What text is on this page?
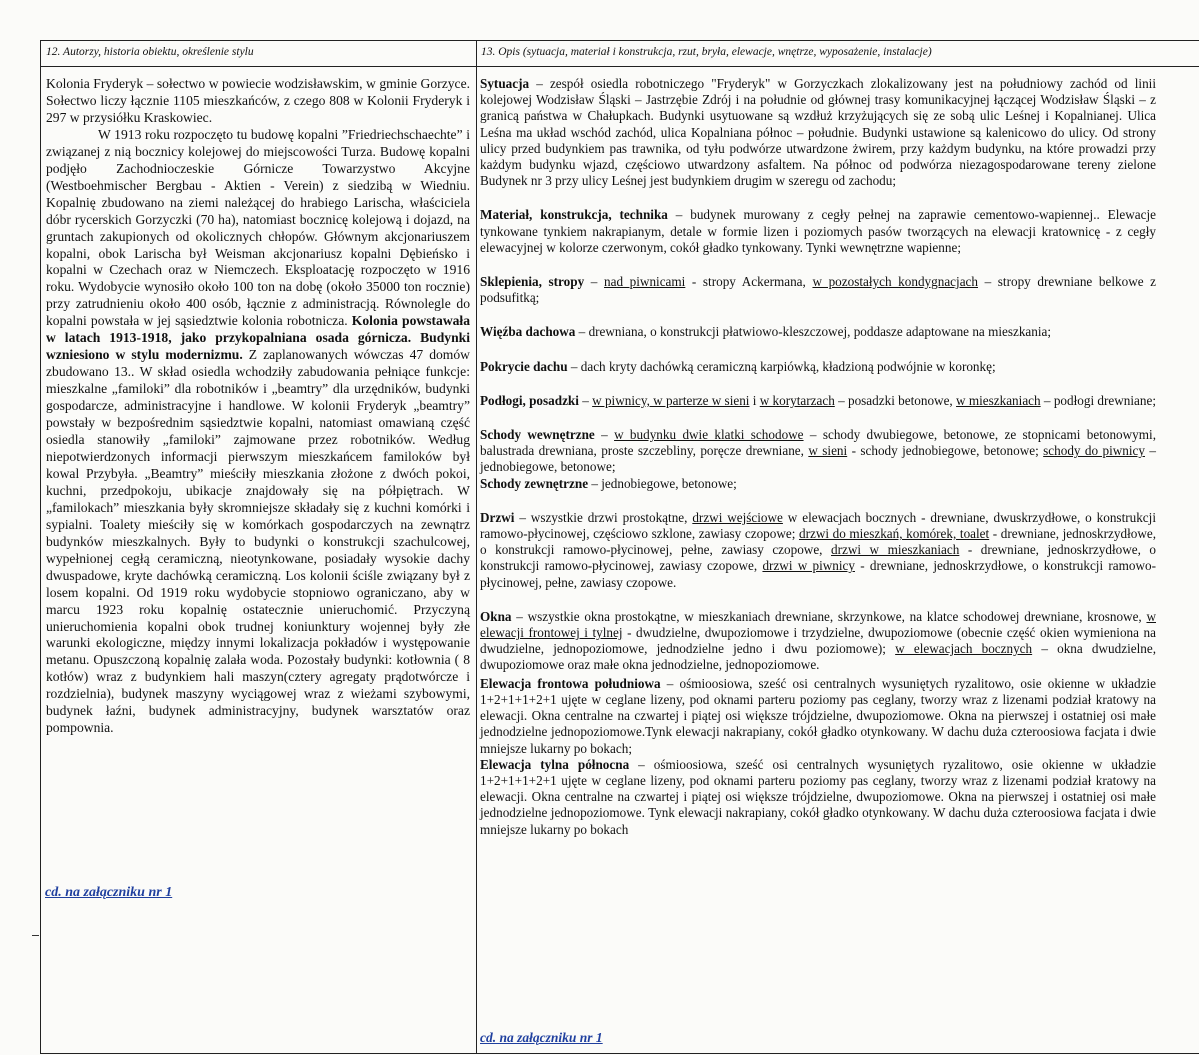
12. Autorzy, historia obiektu, określenie stylu	13. Opis (sytuacja, materiał i konstrukcja, rzut, bryła, elewacje, wnętrze, wyposażenie, instalacje)

Kolonia Fryderyk – sołectwo w powiecie wodzisławskim, w gminie Gorzyce. Sołectwo liczy łącznie 1105 mieszkańców, z czego 808 w Kolonii Fryderyk i 297 w przysiółku Kraskowiec.

W 1913 roku rozpoczęto tu budowę kopalni ”Friedriechschaechte” i związanej z nią bocznicy kolejowej do miejscowości Turza. Budowę kopalni podjęło Zachodnioczeskie Górnicze Towarzystwo Akcyjne (Westboehmischer Bergbau - Aktien - Verein) z siedzibą w Wiedniu. Kopalnię zbudowano na ziemi należącej do hrabiego Larischa, właściciela dóbr rycerskich Gorzyczki (70 ha), natomiast bocznicę kolejową i dojazd, na gruntach zakupionych od okolicznych chłopów. Głównym akcjonariuszem kopalni, obok Larischa był Weisman akcjonariusz kopalni Dębieńsko i kopalni w Czechach oraz w Niemczech. Eksploatację rozpoczęto w 1916 roku. Wydobycie wynosiło około 100 ton na dobę (około 35000 ton rocznie) przy zatrudnieniu około 400 osób, łącznie z administracją. Równolegle do kopalni powstała w jej sąsiedztwie kolonia robotnicza. Kolonia powstawała w latach 1913-1918, jako przykopalniana osada górnicza. Budynki wzniesiono w stylu modernizmu. Z zaplanowanych wówczas 47 domów zbudowano 13.. W skład osiedla wchodziły zabudowania pełniące funkcje: mieszkalne „familoki” dla robotników i „beamtry” dla urzędników, budynki gospodarcze, administracyjne i handlowe. W kolonii Fryderyk „beamtry” powstały w bezpośrednim sąsiedztwie kopalni, natomiast omawianą część osiedla stanowiły „familoki” zajmowane przez robotników. Według niepotwierdzonych informacji pierwszym mieszkańcem familoków był kowal Przybyła. „Beamtry” mieściły mieszkania złożone z dwóch pokoi, kuchni, przedpokoju, ubikacje znajdowały się na półpiętrach. W „familokach” mieszkania były skromniejsze składały się z kuchni komórki i sypialni. Toalety mieściły się w komórkach gospodarczych na zewnątrz budynków mieszkalnych. Były to budynki o konstrukcji szachulcowej, wypełnionej cegłą ceramiczną, nieotynkowane, posiadały wysokie dachy dwuspadowe, kryte dachówką ceramiczną. Los kolonii ściśle związany był z losem kopalni. Od 1919 roku wydobycie stopniowo ograniczano, aby w marcu 1923 roku kopalnię ostatecznie unieruchomić. Przyczyną unieruchomienia kopalni obok trudnej koniunktury wojennej były złe warunki ekologiczne, między innymi lokalizacja pokładów i występowanie metanu. Opuszczoną kopalnię zalała woda. Pozostały budynki: kotłownia ( 8 kotłów) wraz z budynkiem hali maszyn(cztery agregaty prądotwórcze i rozdzielnia), budynek maszyny wyciągowej wraz z wieżami szybowymi, budynek łaźni, budynek administracyjny, budynek warsztatów oraz pompownia.

cd. na załączniku nr 1

Sytuacja – zespół osiedla robotniczego "Fryderyk" w Gorzyczkach zlokalizowany jest na południowy zachód od linii kolejowej Wodzisław Śląski – Jastrzębie Zdrój i na południe od głównej trasy komunikacyjnej łączącej Wodzisław Śląski – z granicą państwa w Chałupkach. Budynki usytuowane są wzdłuż krzyżujących się ze sobą ulic Leśnej i Kopalnianej. Ulica Leśna ma układ wschód zachód, ulica Kopalniana północ – południe. Budynki ustawione są kalenicowo do ulicy. Od strony ulicy przed budynkiem pas trawnika, od tyłu podwórze utwardzone żwirem, przy każdym budynku, na które prowadzi przy każdym budynku wjazd, częściowo utwardzony asfaltem. Na północ od podwórza niezagospodarowane tereny zielone Budynek nr 3 przy ulicy Leśnej jest budynkiem drugim w szeregu od zachodu;

Materiał, konstrukcja, technika – budynek murowany z cegły pełnej na zaprawie cementowo-wapiennej.. Elewacje tynkowane tynkiem nakrapianym, detale w formie lizen i poziomych pasów tworzących na elewacji kratownicę - z cegły elewacyjnej w kolorze czerwonym, cokół gładko tynkowany. Tynki wewnętrzne wapienne;

Sklepienia, stropy – nad piwnicami - stropy Ackermana, w pozostałych kondygnacjach – stropy drewniane belkowe z podsufitką;

Więźba dachowa – drewniana, o konstrukcji płatwiowo-kleszczowej, poddasze adaptowane na mieszkania;

Pokrycie dachu – dach kryty dachówką ceramiczną karpiówką, kładzioną podwójnie w koronkę;

Podłogi, posadzki – w piwnicy, w parterze w sieni i w korytarzach – posadzki betonowe, w mieszkaniach – podłogi drewniane;

Schody wewnętrzne – w budynku dwie klatki schodowe – schody dwubiegowe, betonowe, ze stopnicami betonowymi, balustrada drewniana, proste szczebliny, poręcze drewniane, w sieni - schody jednobiegowe, betonowe; schody do piwnicy – jednobiegowe, betonowe;

Schody zewnętrzne – jednobiegowe, betonowe;

Drzwi – wszystkie drzwi prostokątne, drzwi wejściowe w elewacjach bocznych - drewniane, dwuskrzydłowe, o konstrukcji ramowo-płycinowej, częściowo szklone, zawiasy czopowe; drzwi do mieszkań, komórek, toalet - drewniane, jednoskrzydłowe, o konstrukcji ramowo-płycinowej, pełne, zawiasy czopowe, drzwi w mieszkaniach - drewniane, jednoskrzydłowe, o konstrukcji ramowo-płycinowej, zawiasy czopowe, drzwi w piwnicy - drewniane, jednoskrzydłowe, o konstrukcji ramowo-płycinowej, pełne, zawiasy czopowe.

Okna – wszystkie okna prostokątne, w mieszkaniach drewniane, skrzynkowe, na klatce schodowej drewniane, krosnowe, w elewacji frontowej i tylnej - dwudzielne, dwupoziomowe i trzydzielne, dwupoziomowe (obecnie część okien wymieniona na dwudzielne, jednopoziomowe, jednodzielne jedno i dwu poziomowe); w elewacjach bocznych – okna dwudzielne, dwupoziomowe oraz małe okna jednodzielne, jednopoziomowe.

Elewacja frontowa południowa – ośmioosiowa, sześć osi centralnych wysuniętych ryzalitowo, osie okienne w układzie 1+2+1+1+2+1 ujęte w ceglane lizeny, pod oknami parteru poziomy pas ceglany, tworzy wraz z lizenami podział kratowy na elewacji. Okna centralne na czwartej i piątej osi większe trójdzielne, dwupoziomowe. Okna na pierwszej i ostatniej osi małe jednodzielne jednopoziomowe.Tynk elewacji nakrapiany, cokół gładko otynkowany. W dachu duża czteroosiowa facjata i dwie mniejsze lukarny po bokach;

Elewacja tylna północna – ośmioosiowa, sześć osi centralnych wysuniętych ryzalitowo, osie okienne w układzie 1+2+1+1+2+1 ujęte w ceglane lizeny, pod oknami parteru poziomy pas ceglany, tworzy wraz z lizenami podział kratowy na elewacji. Okna centralne na czwartej i piątej osi większe trójdzielne, dwupoziomowe. Okna na pierwszej i ostatniej osi małe jednodzielne jednopoziomowe. Tynk elewacji nakrapiany, cokół gładko otynkowany. W dachu duża czteroosiowa facjata i dwie mniejsze lukarny po bokach

cd. na załączniku nr 1
